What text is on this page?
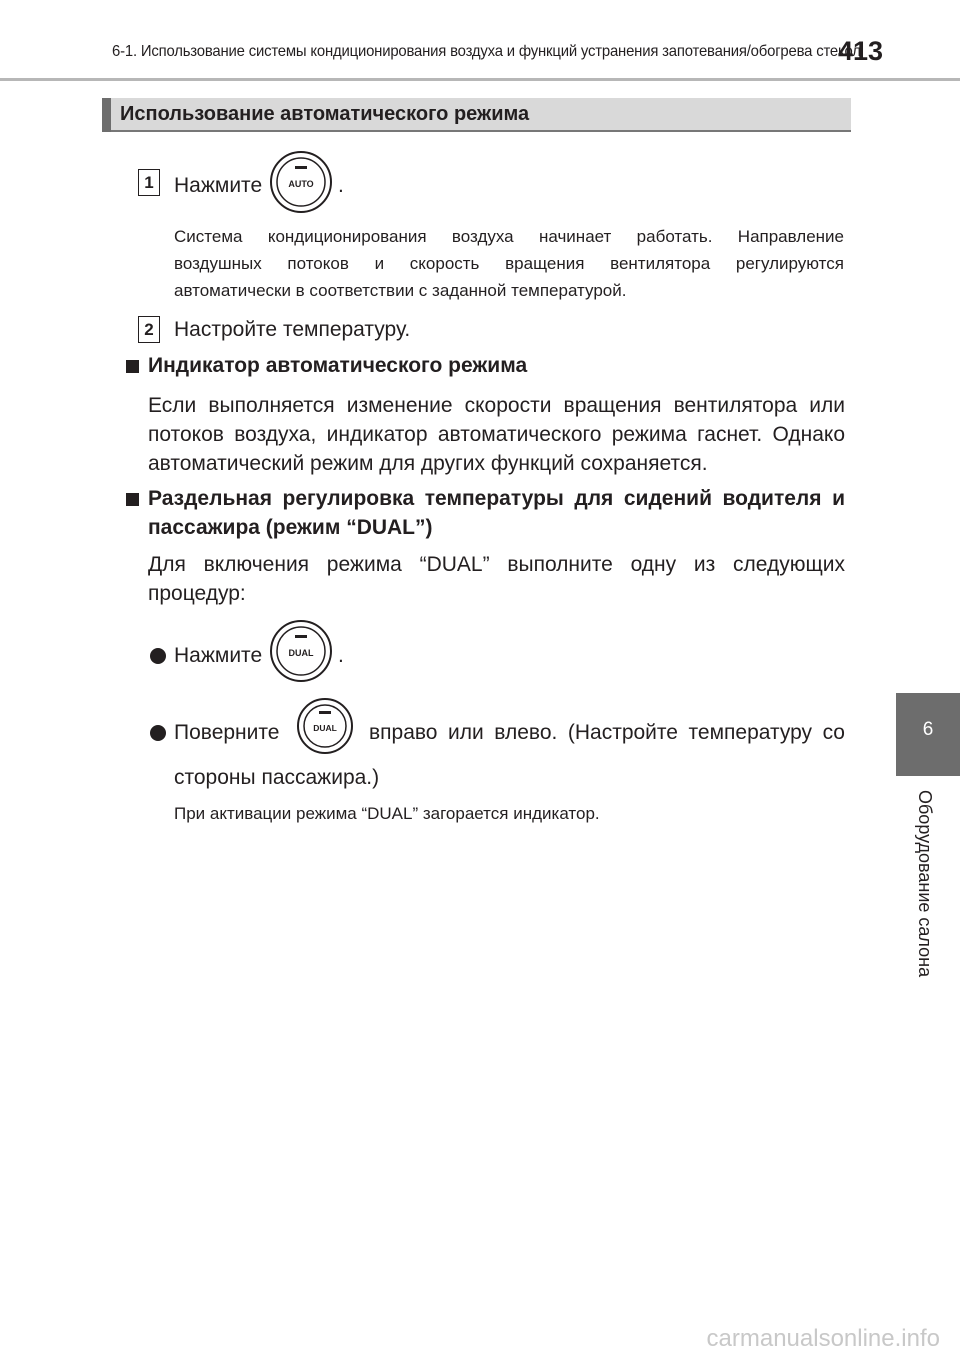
6-1. Использование системы кондиционирования воздуха и функций устранения запотевания/обогрева стекол
413
Использование автоматического режима
1 Нажмите	AUTO .
Система кондиционирования воздуха начинает работать. Направление
воздушных потоков и скорость вращения вентилятора регулируются
автоматически в соответствии с заданной температурой.
2 Настройте температуру.
Индикатор автоматического режима
Если выполняется изменение скорости вращения вентилятора или
потоков воздуха, индикатор автоматического режима гаснет. Однако
автоматический режим для других функций сохраняется.
Раздельная регулировка температуры для сидений водителя и
пассажира (режим “DUAL”)
Для включения режима “DUAL” выполните одну из следующих
процедур:
Нажмите	DUAL .
Поверните	DUAL вправо или влево. (Настройте температуру со
стороны пассажира.)
При активации режима “DUAL” загорается индикатор.
6
Оборудование салона
carmanualsonline.info
